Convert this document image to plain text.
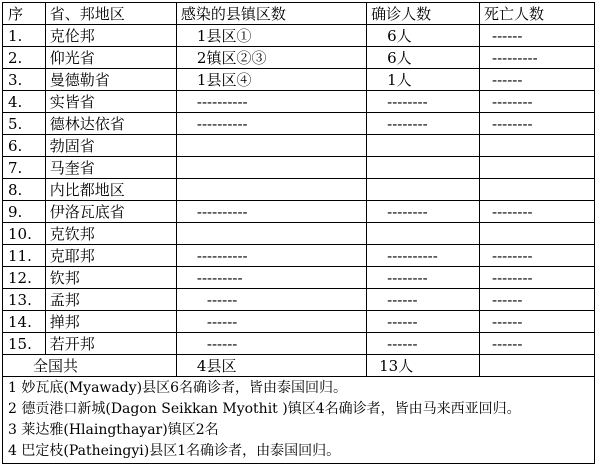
序	省、邦地区	感染的县镇区数	确诊人数	死亡人数
1.	克伦邦	1县区①	6人	------
2.	仰光省	2镇区②③	6人	---------
3.	曼德勒省	1县区④	1人	------
4.	实皆省	----------	--------	--------
5.	德林达依省	----------	--------	--------
6.	勃固省			
7.	马奎省			
8.	内比都地区			
9.	伊洛瓦底省	----------	--------	--------
10.	克钦邦			
11.	克耶邦	----------	----------	--------
12.	钦邦	---------	--------	--------
13.	孟邦	------	------	------
14.	掸邦	------	------	------
15.	若开邦	------	------	------
全国共		4县区	13人	

1 妙瓦底(Myawady)县区6名确诊者，皆由泰国回归。
2 德贡港口新城(Dagon Seikkan Myothit )镇区4名确诊者，皆由马来西亚回归。
3 莱达雅(Hlaingthayar)镇区2名
4 巴定枝(Patheingyi)县区1名确诊者，由泰国回归。				
